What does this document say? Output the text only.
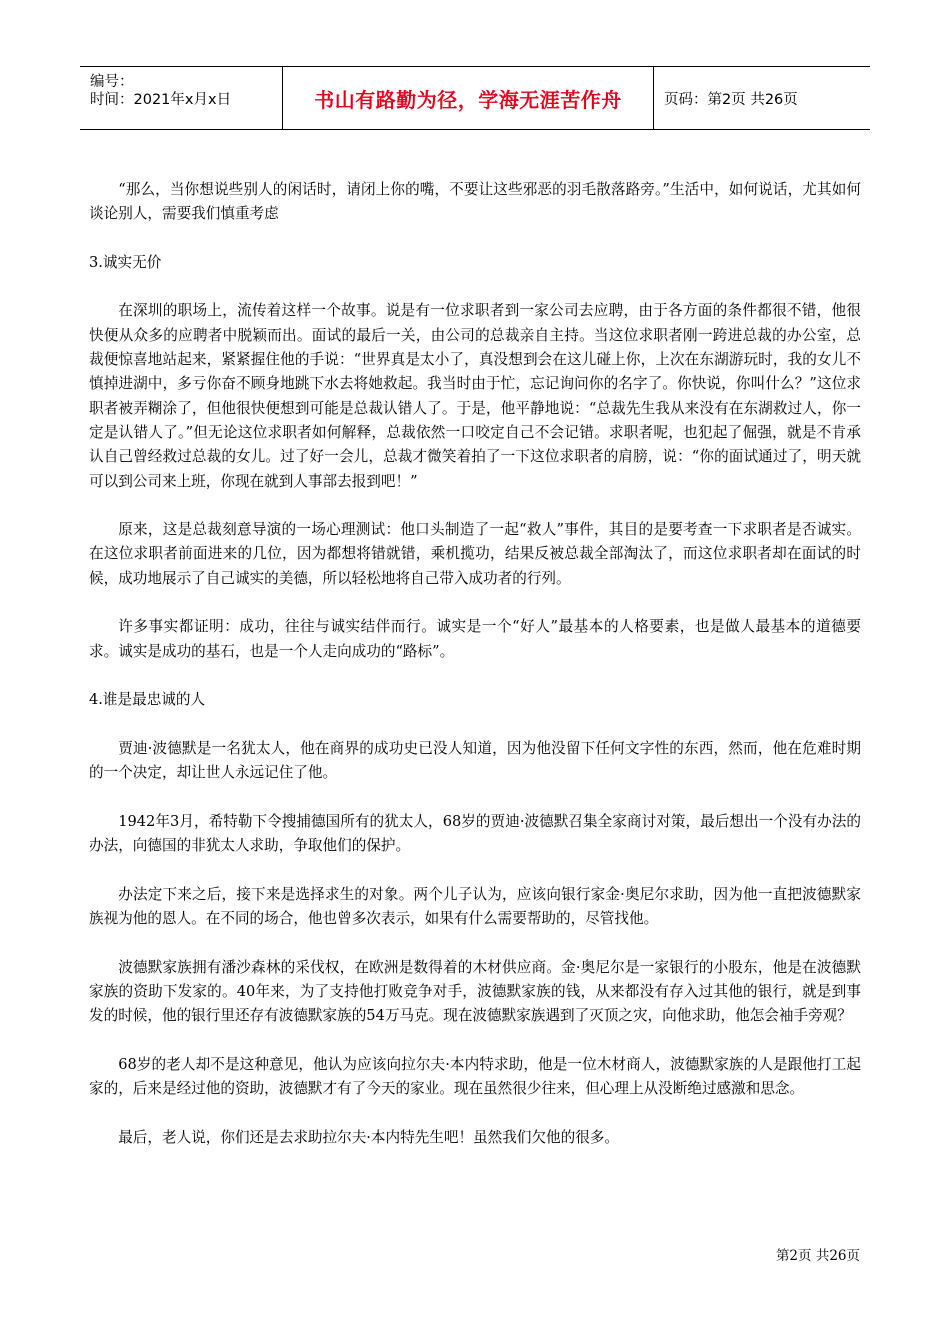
编号：
时间：2021年x月x日	书山有路勤为径，学海无涯苦作舟	页码：第2页 共26页

“那么，当你想说些别人的闲话时，请闭上你的嘴，不要让这些邪恶的羽毛散落路旁。”生活中，如何说话，尤其如何谈论别人，需要我们慎重考虑

3.诚实无价

在深圳的职场上，流传着这样一个故事。说是有一位求职者到一家公司去应聘，由于各方面的条件都很不错，他很快便从众多的应聘者中脱颖而出。面试的最后一关，由公司的总裁亲自主持。当这位求职者刚一跨进总裁的办公室，总裁便惊喜地站起来，紧紧握住他的手说：“世界真是太小了，真没想到会在这儿碰上你，上次在东湖游玩时，我的女儿不慎掉进湖中，多亏你奋不顾身地跳下水去将她救起。我当时由于忙，忘记询问你的名字了。你快说，你叫什么？”这位求职者被弄糊涂了，但他很快便想到可能是总裁认错人了。于是，他平静地说：“总裁先生我从来没有在东湖救过人，你一定是认错人了。”但无论这位求职者如何解释，总裁依然一口咬定自己不会记错。求职者呢，也犯起了倔强，就是不肯承认自己曾经救过总裁的女儿。过了好一会儿，总裁才微笑着拍了一下这位求职者的肩膀，说：“你的面试通过了，明天就可以到公司来上班，你现在就到人事部去报到吧！”

原来，这是总裁刻意导演的一场心理测试：他口头制造了一起“救人”事件，其目的是要考查一下求职者是否诚实。在这位求职者前面进来的几位，因为都想将错就错，乘机揽功，结果反被总裁全部淘汰了，而这位求职者却在面试的时候，成功地展示了自己诚实的美德，所以轻松地将自己带入成功者的行列。

许多事实都证明：成功，往往与诚实结伴而行。诚实是一个“好人”最基本的人格要素，也是做人最基本的道德要求。诚实是成功的基石，也是一个人走向成功的“路标”。

4.谁是最忠诚的人

贾迪·波德默是一名犹太人，他在商界的成功史已没人知道，因为他没留下任何文字性的东西，然而，他在危难时期的一个决定，却让世人永远记住了他。

1942年3月，希特勒下令搜捕德国所有的犹太人，68岁的贾迪·波德默召集全家商讨对策，最后想出一个没有办法的办法，向德国的非犹太人求助，争取他们的保护。

办法定下来之后，接下来是选择求生的对象。两个儿子认为，应该向银行家金·奥尼尔求助，因为他一直把波德默家族视为他的恩人。在不同的场合，他也曾多次表示，如果有什么需要帮助的，尽管找他。

波德默家族拥有潘沙森林的采伐权，在欧洲是数得着的木材供应商。金·奥尼尔是一家银行的小股东，他是在波德默家族的资助下发家的。40年来，为了支持他打败竞争对手，波德默家族的钱，从来都没有存入过其他的银行，就是到事发的时候，他的银行里还存有波德默家族的54万马克。现在波德默家族遇到了灭顶之灾，向他求助，他怎会袖手旁观？

68岁的老人却不是这种意见，他认为应该向拉尔夫·本内特求助，他是一位木材商人，波德默家族的人是跟他打工起家的，后来是经过他的资助，波德默才有了今天的家业。现在虽然很少往来，但心理上从没断绝过感激和思念。

最后，老人说，你们还是去求助拉尔夫·本内特先生吧！虽然我们欠他的很多。

第2页 共26页
